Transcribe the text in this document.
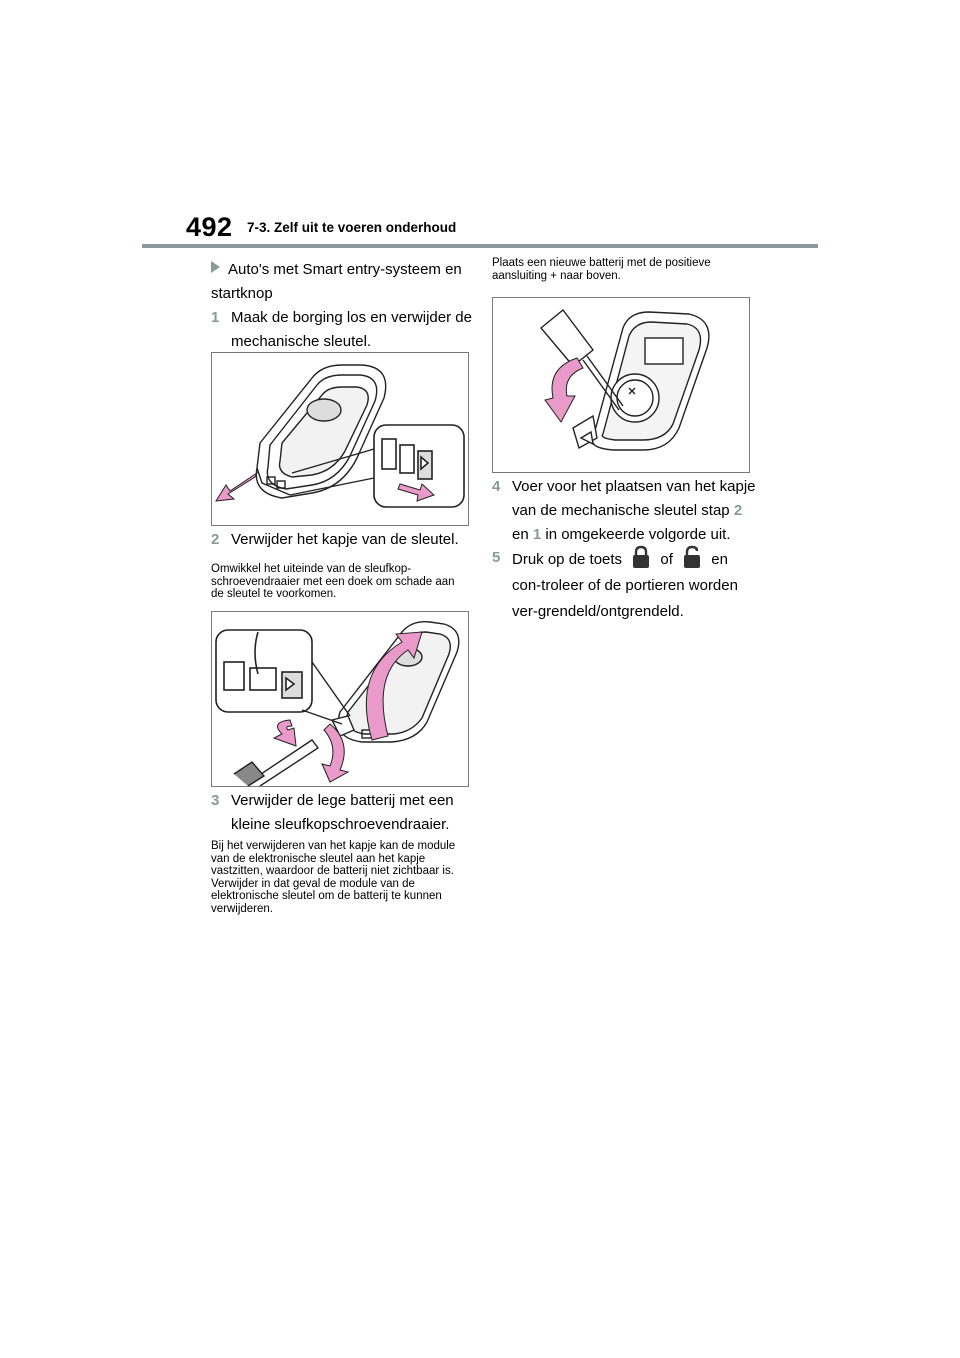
492 7-3. Zelf uit te voeren onderhoud
Auto's met Smart entry-systeem en startknop
1 Maak de borging los en verwijder de mechanische sleutel.
2 Verwijder het kapje van de sleutel.
Omwikkel het uiteinde van de sleufkop-schroevendraaier met een doek om schade aan de sleutel te voorkomen.
3 Verwijder de lege batterij met een kleine sleufkopschroevendraaier.
Bij het verwijderen van het kapje kan de module van de elektronische sleutel aan het kapje vastzitten, waardoor de batterij niet zichtbaar is. Verwijder in dat geval de module van de elektronische sleutel om de batterij te kunnen verwijderen.
Plaats een nieuwe batterij met de positieve aansluiting + naar boven.
4 Voer voor het plaatsen van het kapje van de mechanische sleutel stap 2 en 1 in omgekeerde volgorde uit.
5 Druk op de toets	of	en con-troleer of de portieren worden ver-grendeld/ontgrendeld.
